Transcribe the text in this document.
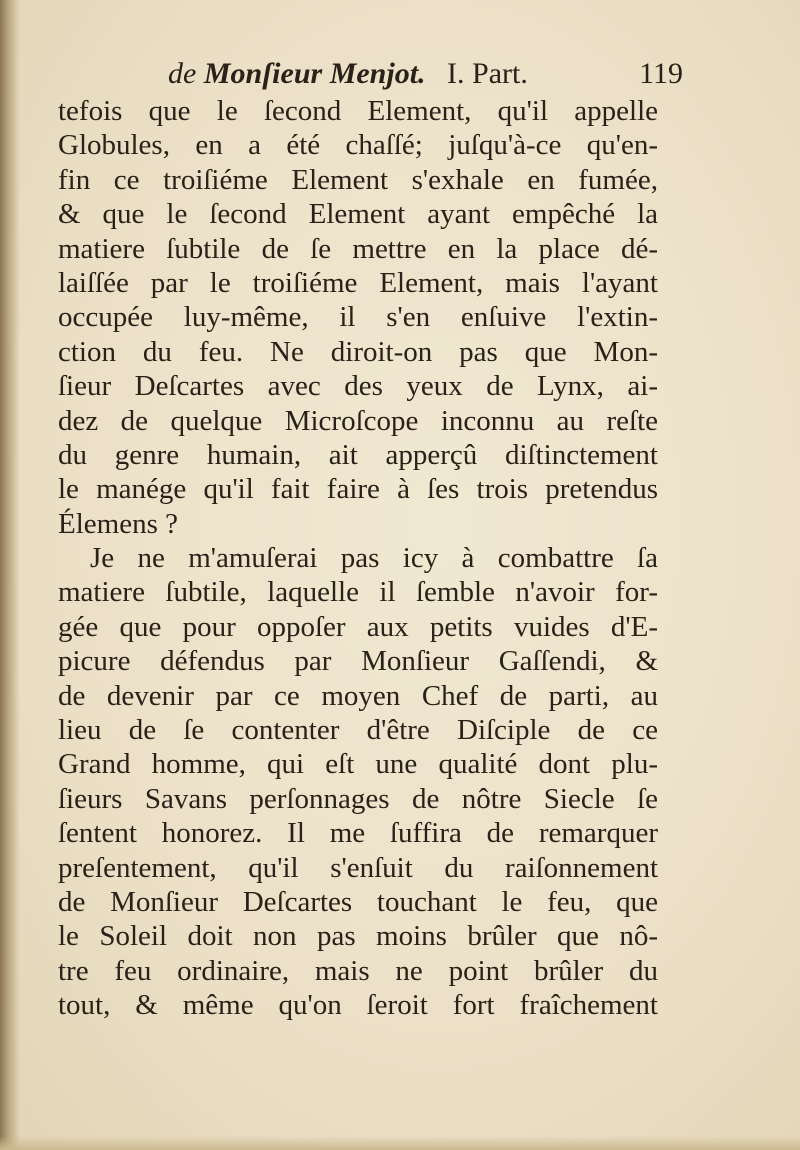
de Monſieur Menjot. I. Part.	119
tefois que le ſecond Element, qu'il appelle
Globules, en a été chaſſé; juſqu'à-ce qu'en-
fin ce troiſiéme Element s'exhale en fumée,
& que le ſecond Element ayant empêché la
matiere ſubtile de ſe mettre en la place dé-
laiſſée par le troiſiéme Element, mais l'ayant
occupée luy-même, il s'en enſuive l'extin-
ction du feu. Ne diroit-on pas que Mon-
ſieur Deſcartes avec des yeux de Lynx, ai-
dez de quelque Microſcope inconnu au reſte
du genre humain, ait apperçû diſtinctement
le manége qu'il fait faire à ſes trois pretendus
Élemens ?
Je ne m'amuſerai pas icy à combattre ſa
matiere ſubtile, laquelle il ſemble n'avoir for-
gée que pour oppoſer aux petits vuides d'E-
picure défendus par Monſieur Gaſſendi, &
de devenir par ce moyen Chef de parti, au
lieu de ſe contenter d'être Diſciple de ce
Grand homme, qui eſt une qualité dont plu-
ſieurs Savans perſonnages de nôtre Siecle ſe
ſentent honorez. Il me ſuffira de remarquer
preſentement, qu'il s'enſuit du raiſonnement
de Monſieur Deſcartes touchant le feu, que
le Soleil doit non pas moins brûler que nô-
tre feu ordinaire, mais ne point brûler du
tout, & même qu'on ſeroit fort fraîchement
